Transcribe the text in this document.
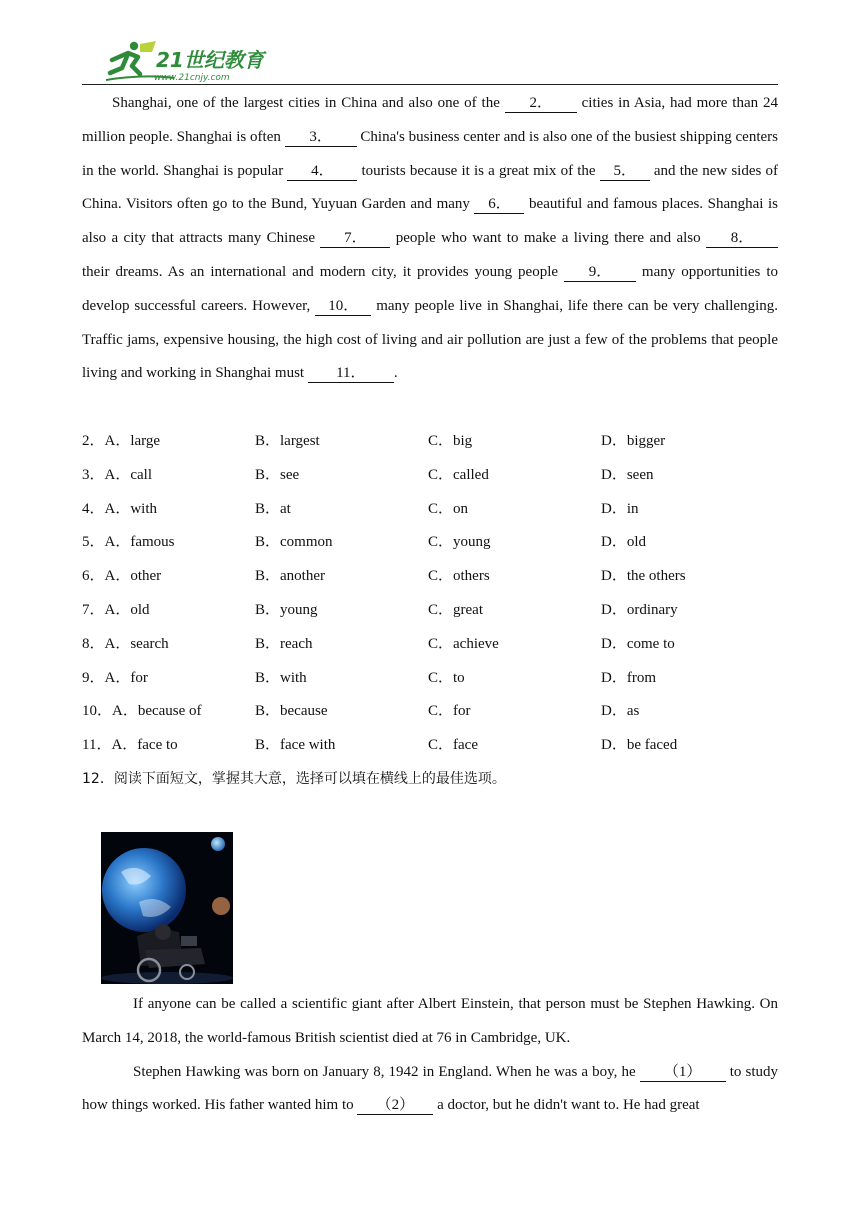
21世纪教育
www.21cnjy.com

Shanghai, one of the largest cities in China and also one of the 2． cities in Asia, had more than 24 million people. Shanghai is often 3． China's business center and is also one of the busiest shipping centers in the world. Shanghai is popular 4． tourists because it is a great mix of the 5． and the new sides of China. Visitors often go to the Bund, Yuyuan Garden and many 6． beautiful and famous places. Shanghai is also a city that attracts many Chinese 7． people who want to make a living there and also 8． their dreams. As an international and modern city, it provides young people 9． many opportunities to develop successful careers. However, 10． many people live in Shanghai, life there can be very challenging. Traffic jams, expensive housing, the high cost of living and air pollution are just a few of the problems that people living and working in Shanghai must 11． .

2．A．large	B．largest	C．big	D．bigger
3．A．call	B．see	C．called	D．seen
4．A．with	B．at	C．on	D．in
5．A．famous	B．common	C．young	D．old
6．A．other	B．another	C．others	D．the others
7．A．old	B．young	C．great	D．ordinary
8．A．search	B．reach	C．achieve	D．come to
9．A．for	B．with	C．to	D．from
10．A．because of	B．because	C．for	D．as
11．A．face to	B．face with	C．face	D．be faced
12．阅读下面短文，掌握其大意，选择可以填在横线上的最佳选项。

If anyone can be called a scientific giant after Albert Einstein, that person must be Stephen Hawking. On March 14, 2018, the world-famous British scientist died at 76 in Cambridge, UK.

Stephen Hawking was born on January 8, 1942 in England. When he was a boy, he （1） to study how things worked. His father wanted him to （2） a doctor, but he didn't want to. He had great
